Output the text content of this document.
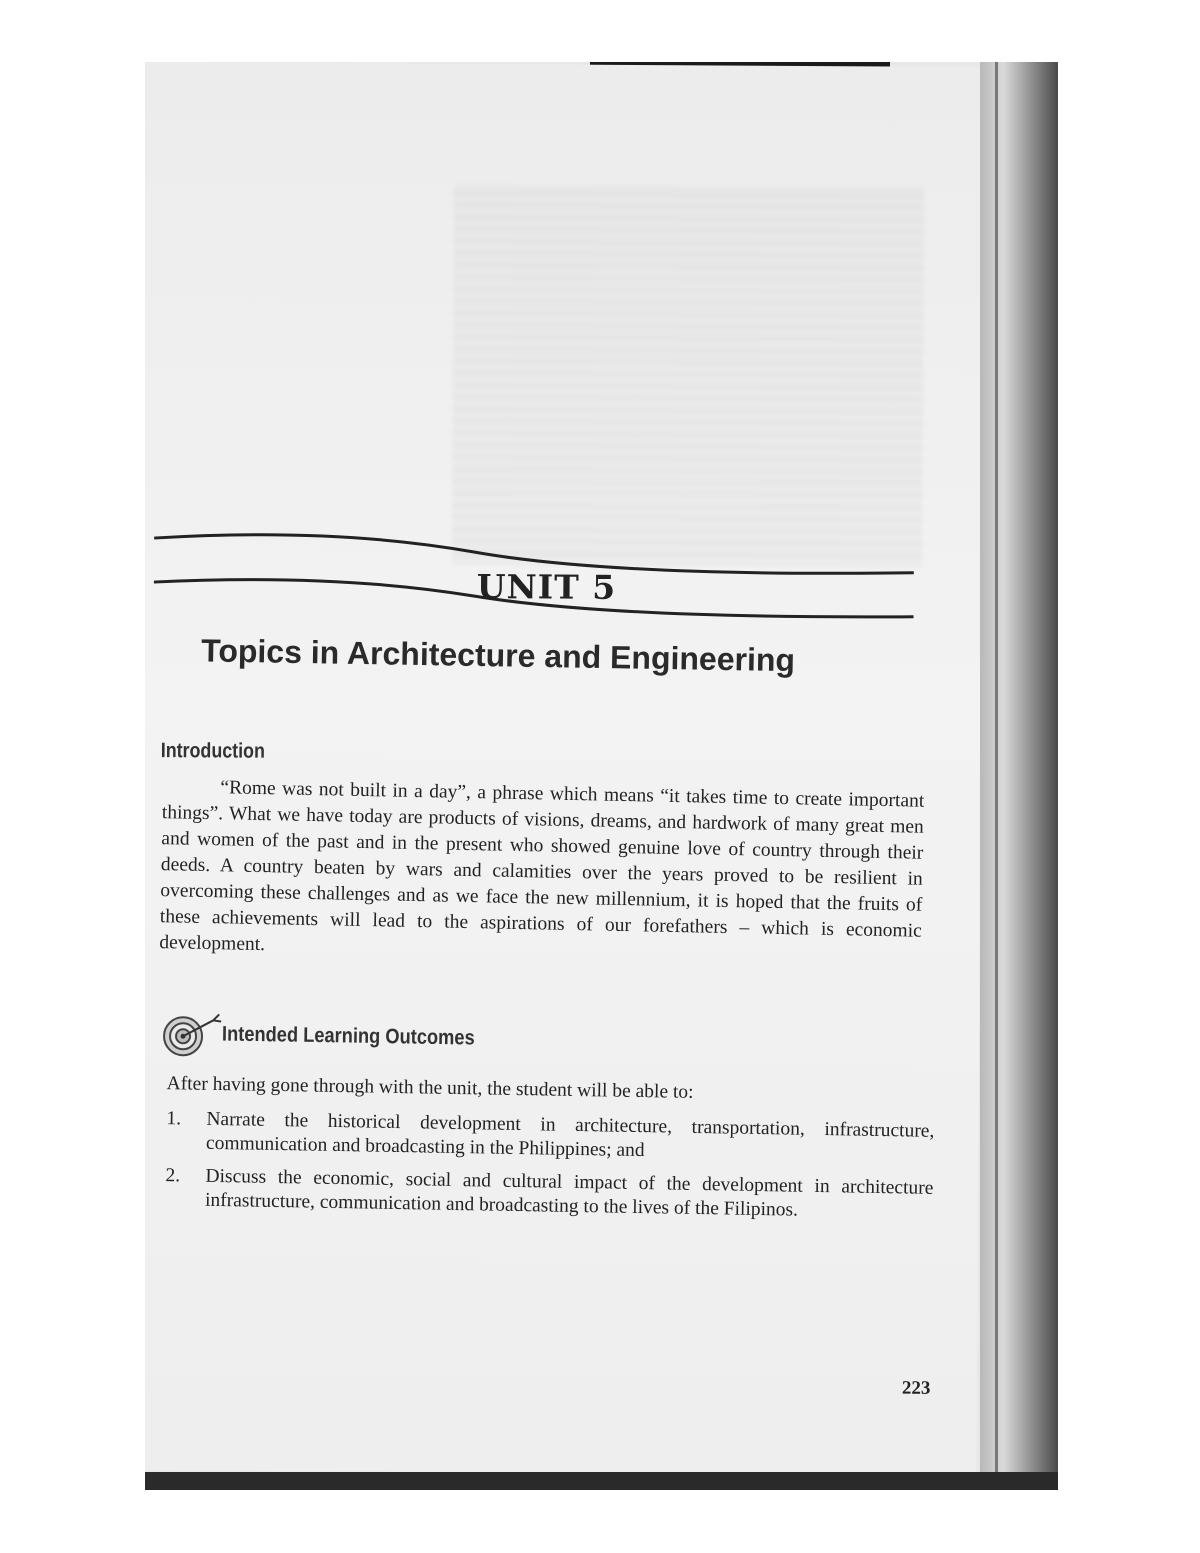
UNIT 5
Topics in Architecture and Engineering
Introduction
“Rome was not built in a day”, a phrase which means “it takes time to create important things”. What we have today are products of visions, dreams, and hardwork of many great men and women of the past and in the present who showed genuine love of country through their deeds. A country beaten by wars and calamities over the years proved to be resilient in overcoming these challenges and as we face the new millennium, it is hoped that the fruits of these achievements will lead to the aspirations of our forefathers – which is economic development.
Intended Learning Outcomes
After having gone through with the unit, the student will be able to:
1.	Narrate the historical development in architecture, transportation, infrastructure, communication and broadcasting in the Philippines; and
2.	Discuss the economic, social and cultural impact of the development in architecture infrastructure, communication and broadcasting to the lives of the Filipinos.
223
